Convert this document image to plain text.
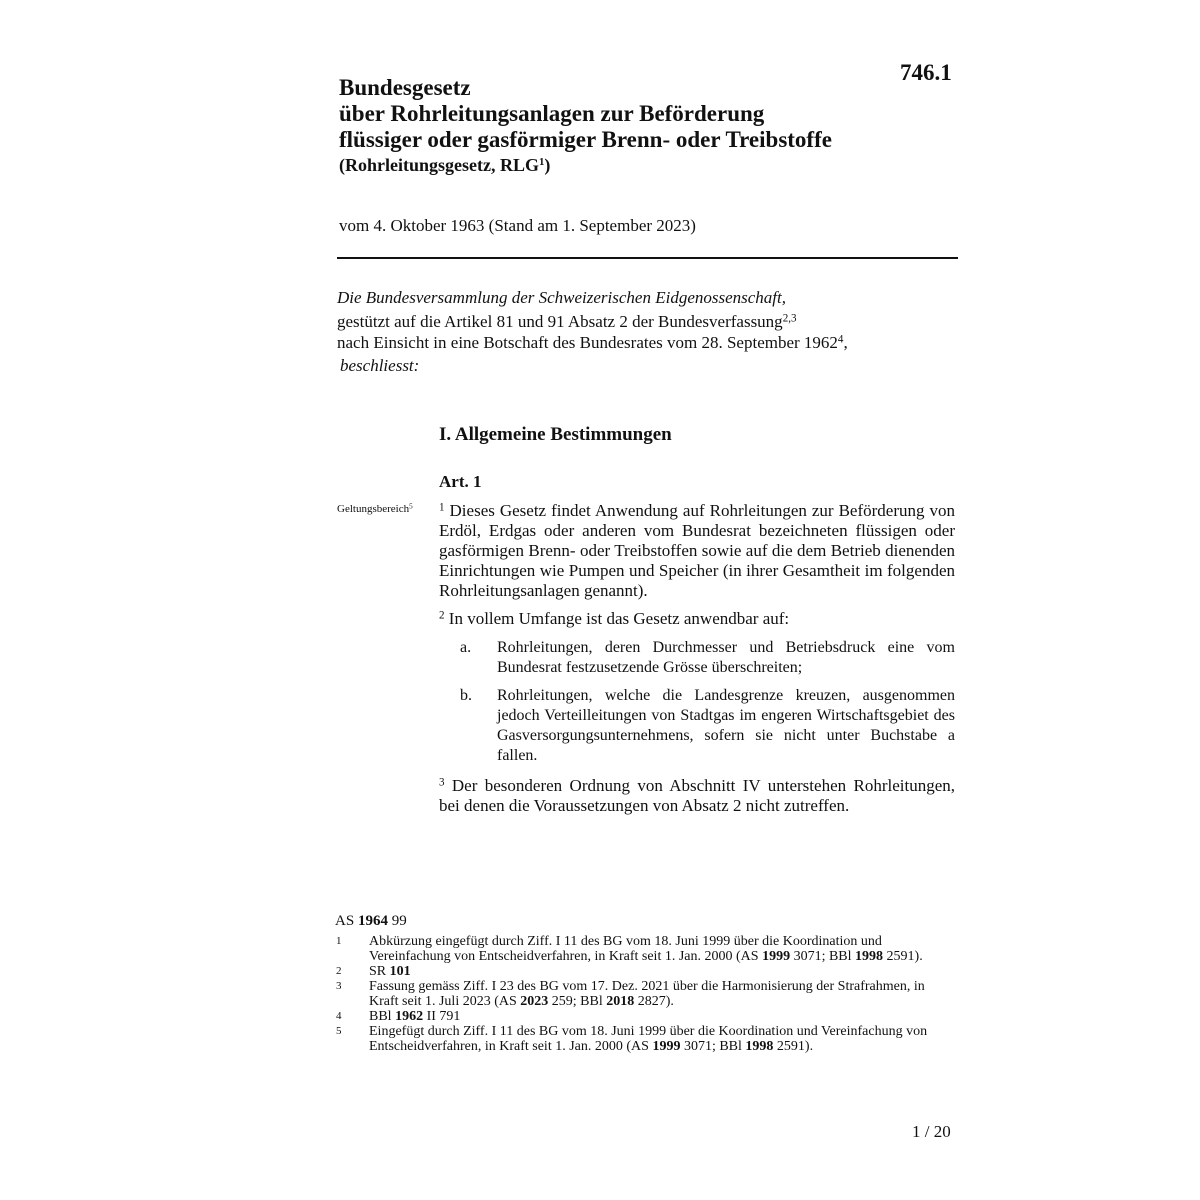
746.1
Bundesgesetz
über Rohrleitungsanlagen zur Beförderung
flüssiger oder gasförmiger Brenn- oder Treibstoffe
(Rohrleitungsgesetz, RLG$^1$)
vom 4. Oktober 1963 (Stand am 1. September 2023)
Die Bundesversammlung der Schweizerischen Eidgenossenschaft,
gestützt auf die Artikel 81 und 91 Absatz 2 der Bundesverfassung$^{2,3}$
nach Einsicht in eine Botschaft des Bundesrates vom 28. September 1962$^4$,
beschliesst:
I. Allgemeine Bestimmungen
Art. 1
Geltungsbereich$^5$ $^1$ Dieses Gesetz findet Anwendung auf Rohrleitungen zur Beförderung von Erdöl, Erdgas oder anderen vom Bundesrat bezeichneten flüssigen oder gasförmigen Brenn- oder Treibstoffen sowie auf die dem Betrieb dienenden Einrichtungen wie Pumpen und Speicher (in ihrer Gesamtheit im folgenden Rohrleitungsanlagen genannt).
$^2$ In vollem Umfange ist das Gesetz anwendbar auf:
a. Rohrleitungen, deren Durchmesser und Betriebsdruck eine vom Bundesrat festzusetzende Grösse überschreiten;
b. Rohrleitungen, welche die Landesgrenze kreuzen, ausgenommen jedoch Verteilleitungen von Stadtgas im engeren Wirtschaftsgebiet des Gasversorgungsunternehmens, sofern sie nicht unter Buchstabe a fallen.
$^3$ Der besonderen Ordnung von Abschnitt IV unterstehen Rohrleitungen, bei denen die Voraussetzungen von Absatz 2 nicht zutreffen.
AS 1964 99
1 Abkürzung eingefügt durch Ziff. I 11 des BG vom 18. Juni 1999 über die Koordination und Vereinfachung von Entscheidverfahren, in Kraft seit 1. Jan. 2000 (AS 1999 3071; BBl 1998 2591).
2 SR 101
3 Fassung gemäss Ziff. I 23 des BG vom 17. Dez. 2021 über die Harmonisierung der Strafrahmen, in Kraft seit 1. Juli 2023 (AS 2023 259; BBl 2018 2827).
4 BBl 1962 II 791
5 Eingefügt durch Ziff. I 11 des BG vom 18. Juni 1999 über die Koordination und Vereinfachung von Entscheidverfahren, in Kraft seit 1. Jan. 2000 (AS 1999 3071; BBl 1998 2591).
1 / 20
